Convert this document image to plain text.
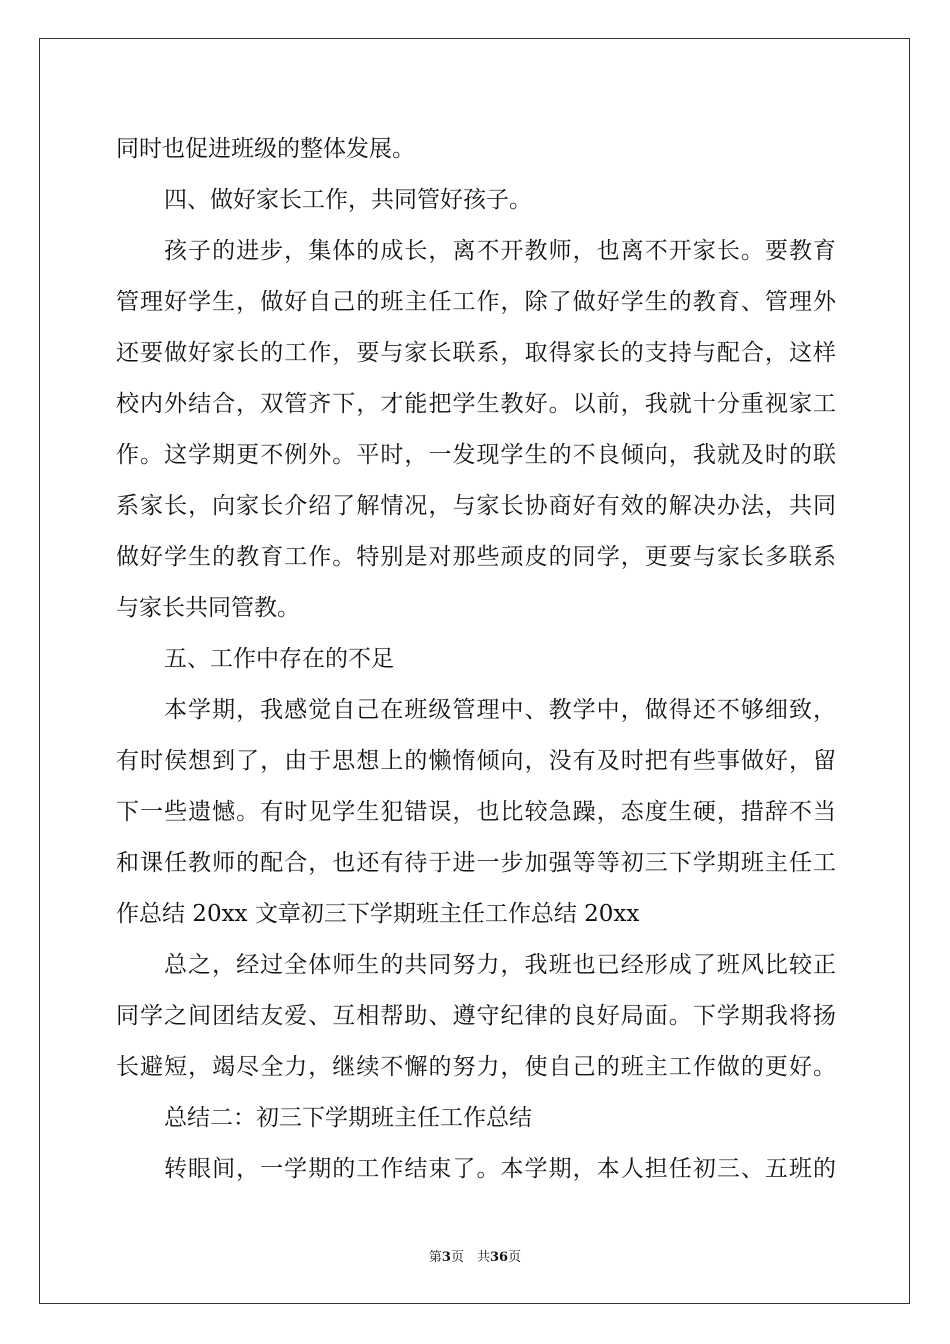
同时也促进班级的整体发展。
四、做好家长工作，共同管好孩子。
孩子的进步，集体的成长，离不开教师，也离不开家长。要教育
管理好学生，做好自己的班主任工作，除了做好学生的教育、管理外
还要做好家长的工作，要与家长联系，取得家长的支持与配合，这样
校内外结合，双管齐下，才能把学生教好。以前，我就十分重视家工
作。这学期更不例外。平时，一发现学生的不良倾向，我就及时的联
系家长，向家长介绍了解情况，与家长协商好有效的解决办法，共同
做好学生的教育工作。特别是对那些顽皮的同学，更要与家长多联系
与家长共同管教。
五、工作中存在的不足
本学期，我感觉自己在班级管理中、教学中，做得还不够细致，
有时侯想到了，由于思想上的懒惰倾向，没有及时把有些事做好，留
下一些遗憾。有时见学生犯错误，也比较急躁，态度生硬，措辞不当
和课任教师的配合，也还有待于进一步加强等等初三下学期班主任工
作总结 20xx 文章初三下学期班主任工作总结 20xx
总之，经过全体师生的共同努力，我班也已经形成了班风比较正
同学之间团结友爱、互相帮助、遵守纪律的良好局面。下学期我将扬
长避短，竭尽全力，继续不懈的努力，使自己的班主工作做的更好。
总结二：初三下学期班主任工作总结
转眼间，一学期的工作结束了。本学期，本人担任初三、五班的
第3页　共36页
